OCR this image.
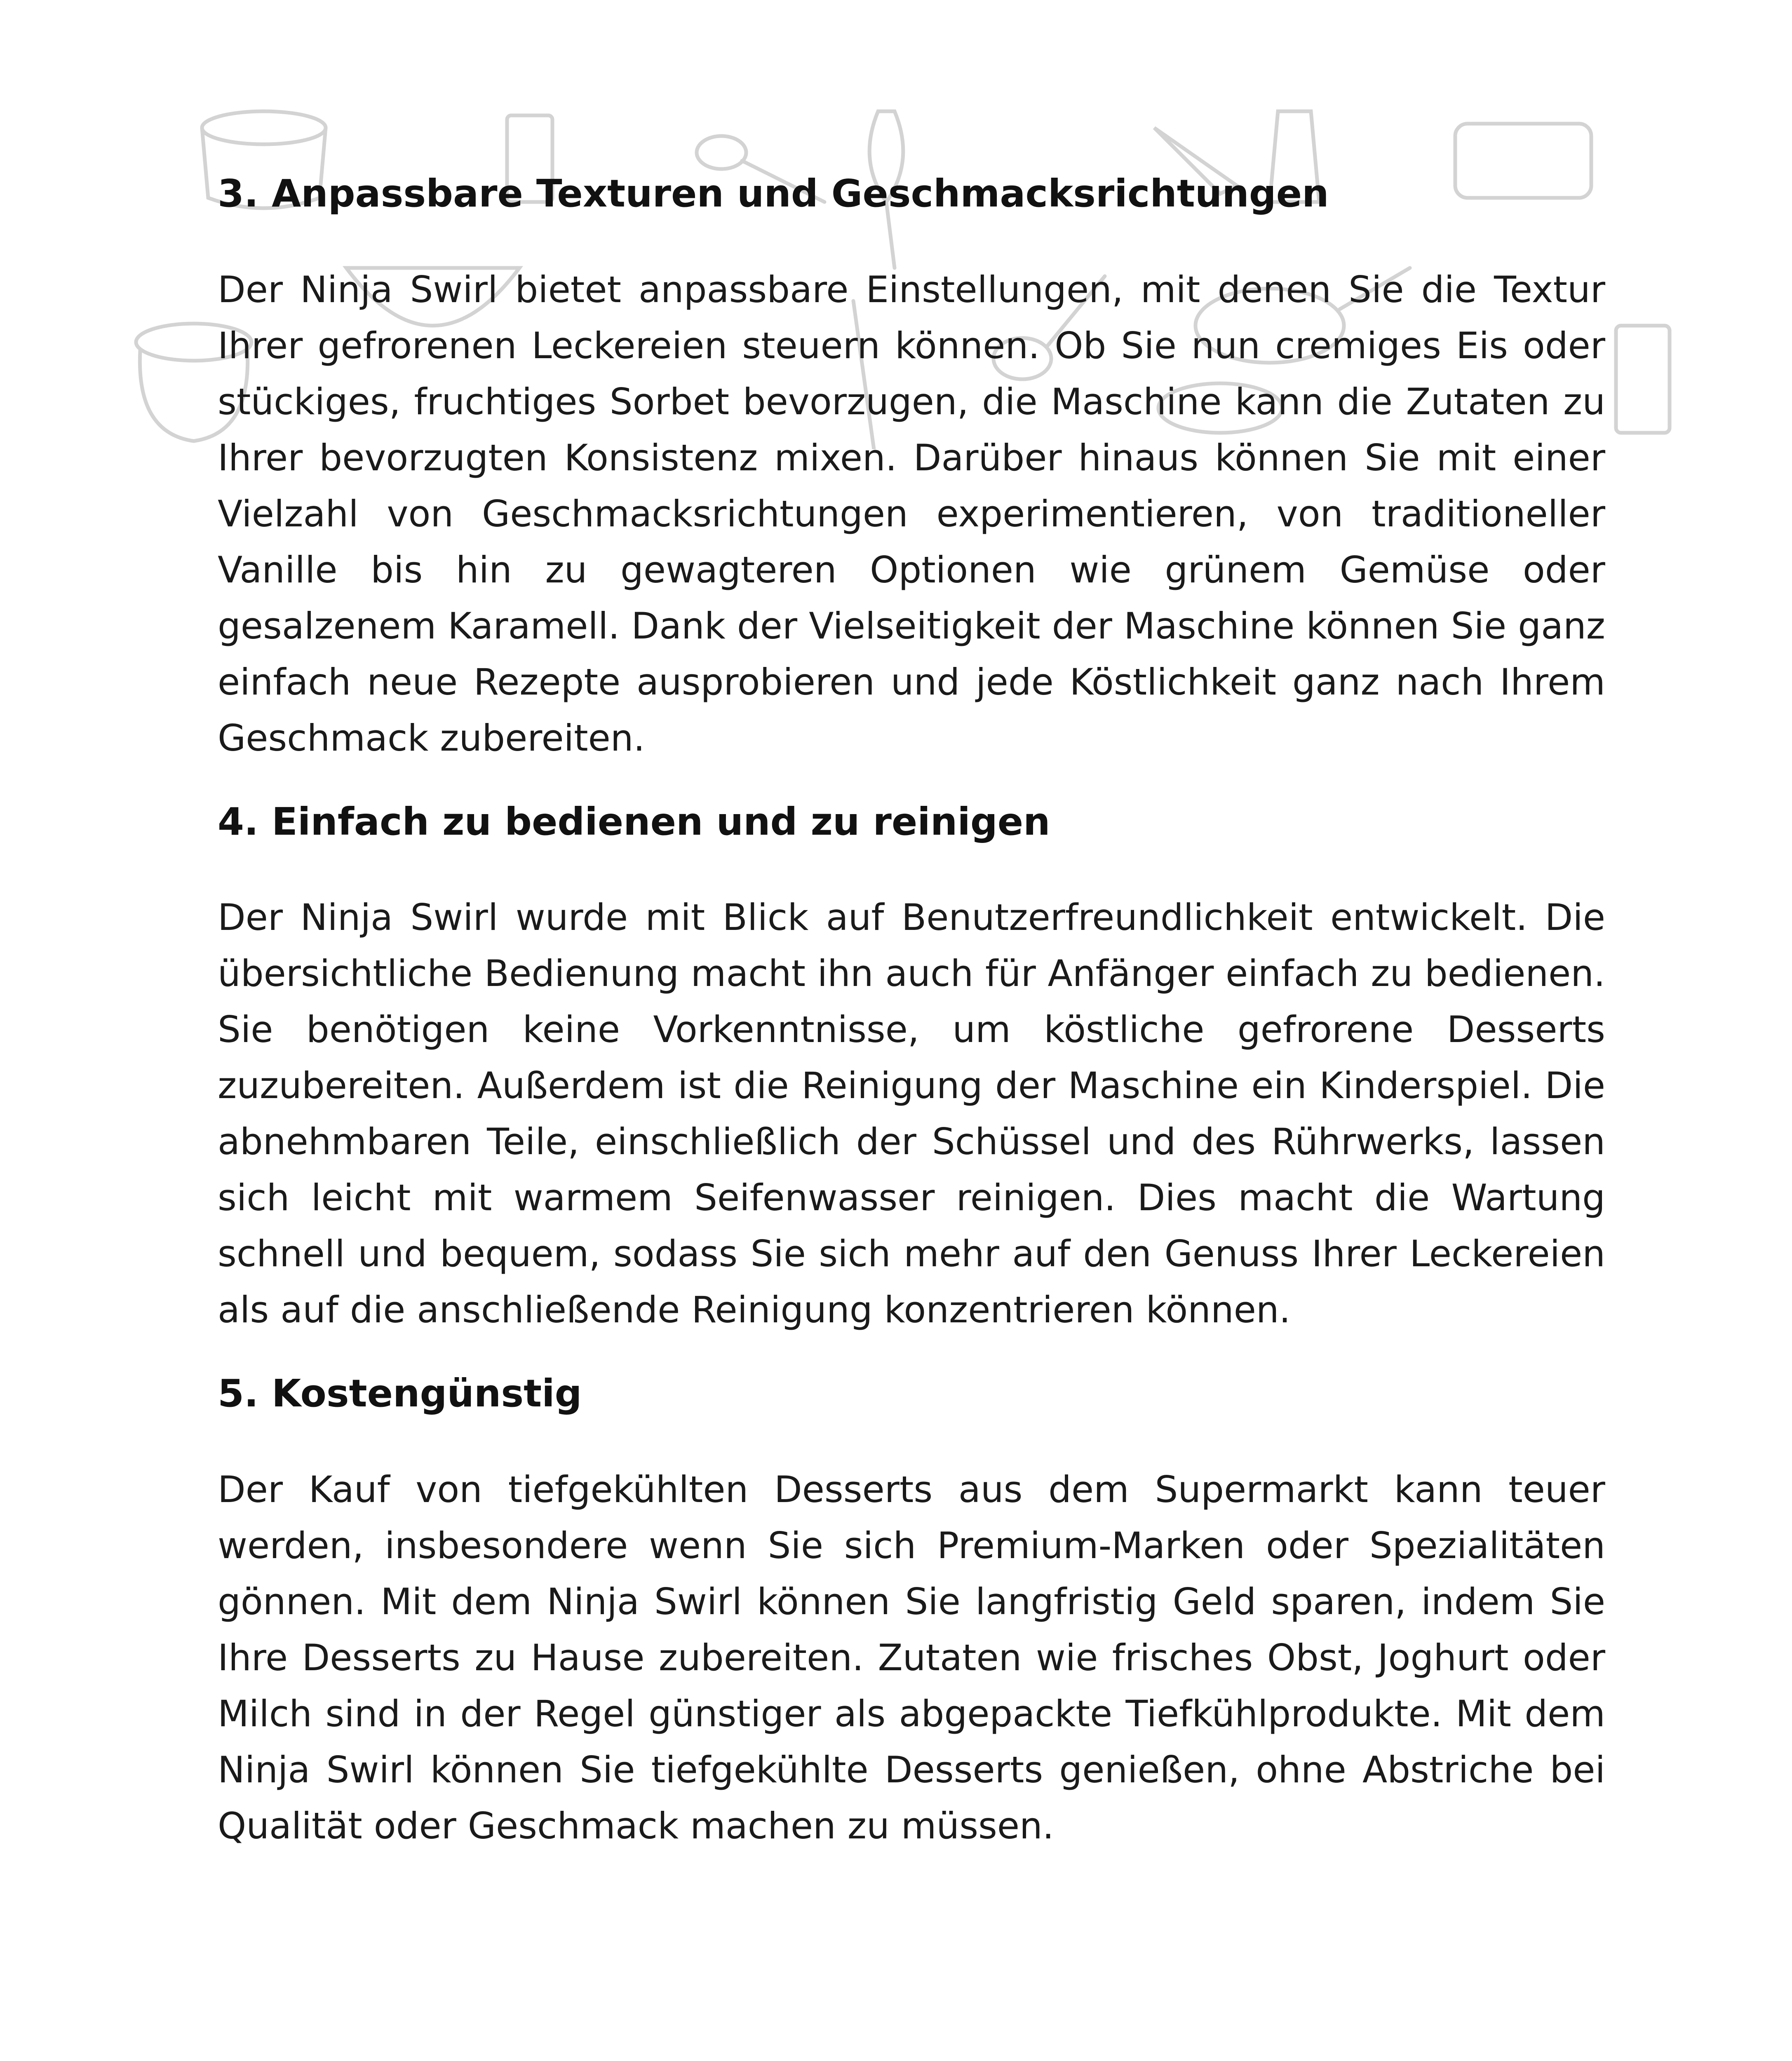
3. Anpassbare Texturen und Geschmacksrichtungen

Der Ninja Swirl bietet anpassbare Einstellungen, mit denen Sie die Textur Ihrer gefrorenen Leckereien steuern können. Ob Sie nun cremiges Eis oder stückiges, fruchtiges Sorbet bevorzugen, die Maschine kann die Zutaten zu Ihrer bevorzugten Konsistenz mixen. Darüber hinaus können Sie mit einer Vielzahl von Geschmacksrichtungen experimentieren, von traditioneller Vanille bis hin zu gewagteren Optionen wie grünem Gemüse oder gesalzenem Karamell. Dank der Vielseitigkeit der Maschine können Sie ganz einfach neue Rezepte ausprobieren und jede Köstlichkeit ganz nach Ihrem Geschmack zubereiten.

4. Einfach zu bedienen und zu reinigen

Der Ninja Swirl wurde mit Blick auf Benutzerfreundlichkeit entwickelt. Die übersichtliche Bedienung macht ihn auch für Anfänger einfach zu bedienen. Sie benötigen keine Vorkenntnisse, um köstliche gefrorene Desserts zuzubereiten. Außerdem ist die Reinigung der Maschine ein Kinderspiel. Die abnehmbaren Teile, einschließlich der Schüssel und des Rührwerks, lassen sich leicht mit warmem Seifenwasser reinigen. Dies macht die Wartung schnell und bequem, sodass Sie sich mehr auf den Genuss Ihrer Leckereien als auf die anschließende Reinigung konzentrieren können.

5. Kostengünstig

Der Kauf von tiefgekühlten Desserts aus dem Supermarkt kann teuer werden, insbesondere wenn Sie sich Premium-Marken oder Spezialitäten gönnen. Mit dem Ninja Swirl können Sie langfristig Geld sparen, indem Sie Ihre Desserts zu Hause zubereiten. Zutaten wie frisches Obst, Joghurt oder Milch sind in der Regel günstiger als abgepackte Tiefkühlprodukte. Mit dem Ninja Swirl können Sie tiefgekühlte Desserts genießen, ohne Abstriche bei Qualität oder Geschmack machen zu müssen.
